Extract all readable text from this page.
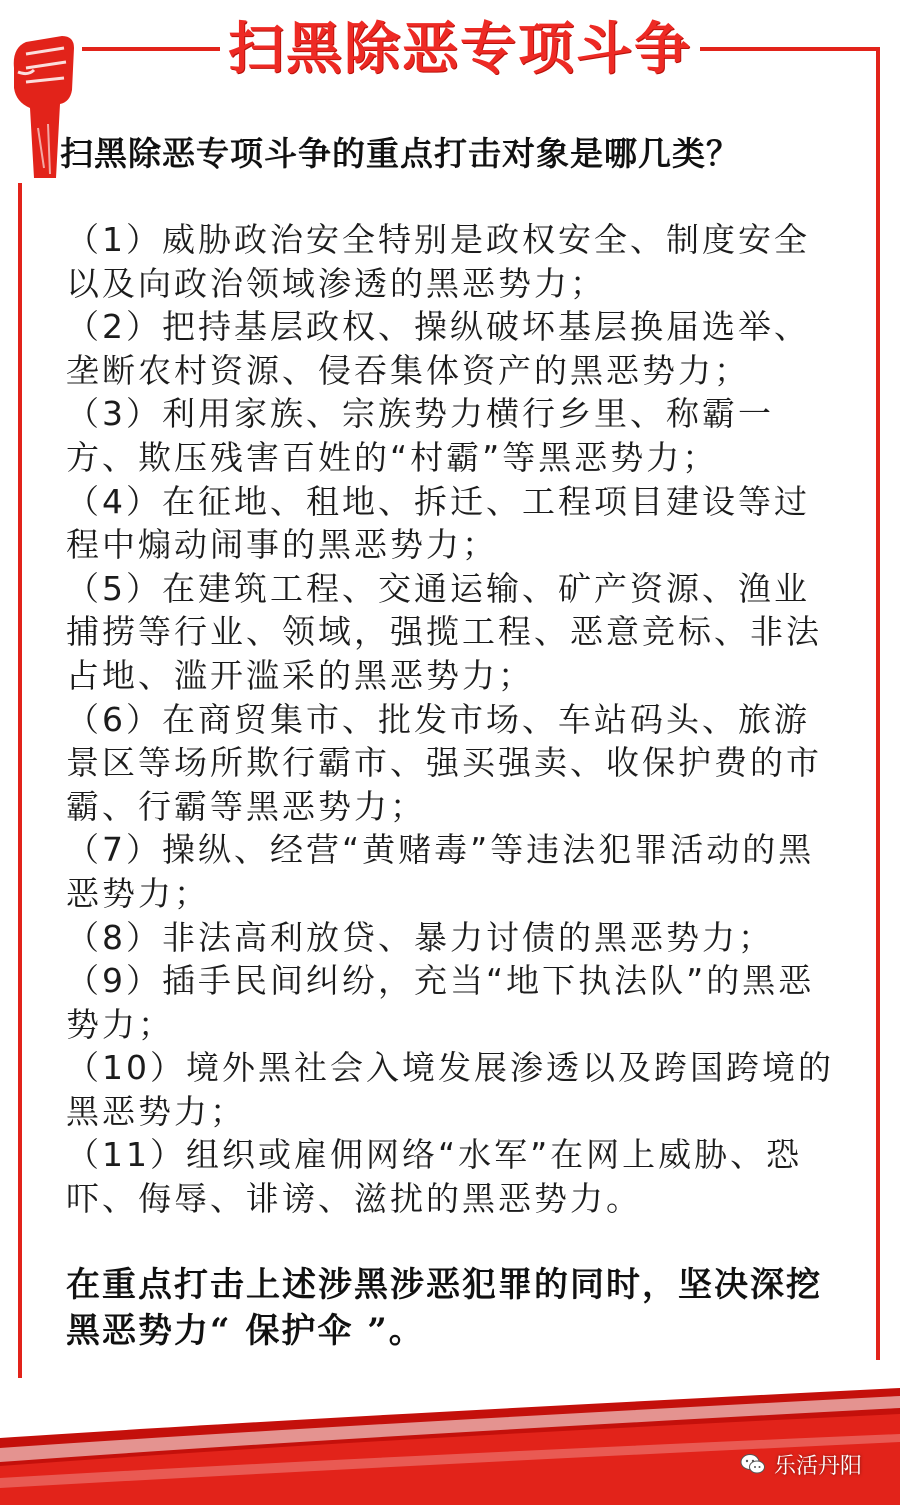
扫黑除恶专项斗争
扫黑除恶专项斗争的重点打击对象是哪几类？

（1）威胁政治安全特别是政权安全、制度安全以及向政治领域渗透的黑恶势力；

（2）把持基层政权、操纵破坏基层换届选举、垄断农村资源、侵吞集体资产的黑恶势力；

（3）利用家族、宗族势力横行乡里、称霸一方、欺压残害百姓的“村霸”等黑恶势力；

（4）在征地、租地、拆迁、工程项目建设等过程中煽动闹事的黑恶势力；

（5）在建筑工程、交通运输、矿产资源、渔业捕捞等行业、领域，强揽工程、恶意竞标、非法占地、滥开滥采的黑恶势力；

（6）在商贸集市、批发市场、车站码头、旅游景区等场所欺行霸市、强买强卖、收保护费的市霸、行霸等黑恶势力；

（7）操纵、经营“黄赌毒”等违法犯罪活动的黑恶势力；

（8）非法高利放贷、暴力讨债的黑恶势力；

（9）插手民间纠纷，充当“地下执法队”的黑恶势力；

（10）境外黑社会入境发展渗透以及跨国跨境的黑恶势力；

（11）组织或雇佣网络“水军”在网上威胁、恐吓、侮辱、诽谤、滋扰的黑恶势力。

在重点打击上述涉黑涉恶犯罪的同时，坚决深挖黑恶势力“ 保护伞 ”。
乐活丹阳
